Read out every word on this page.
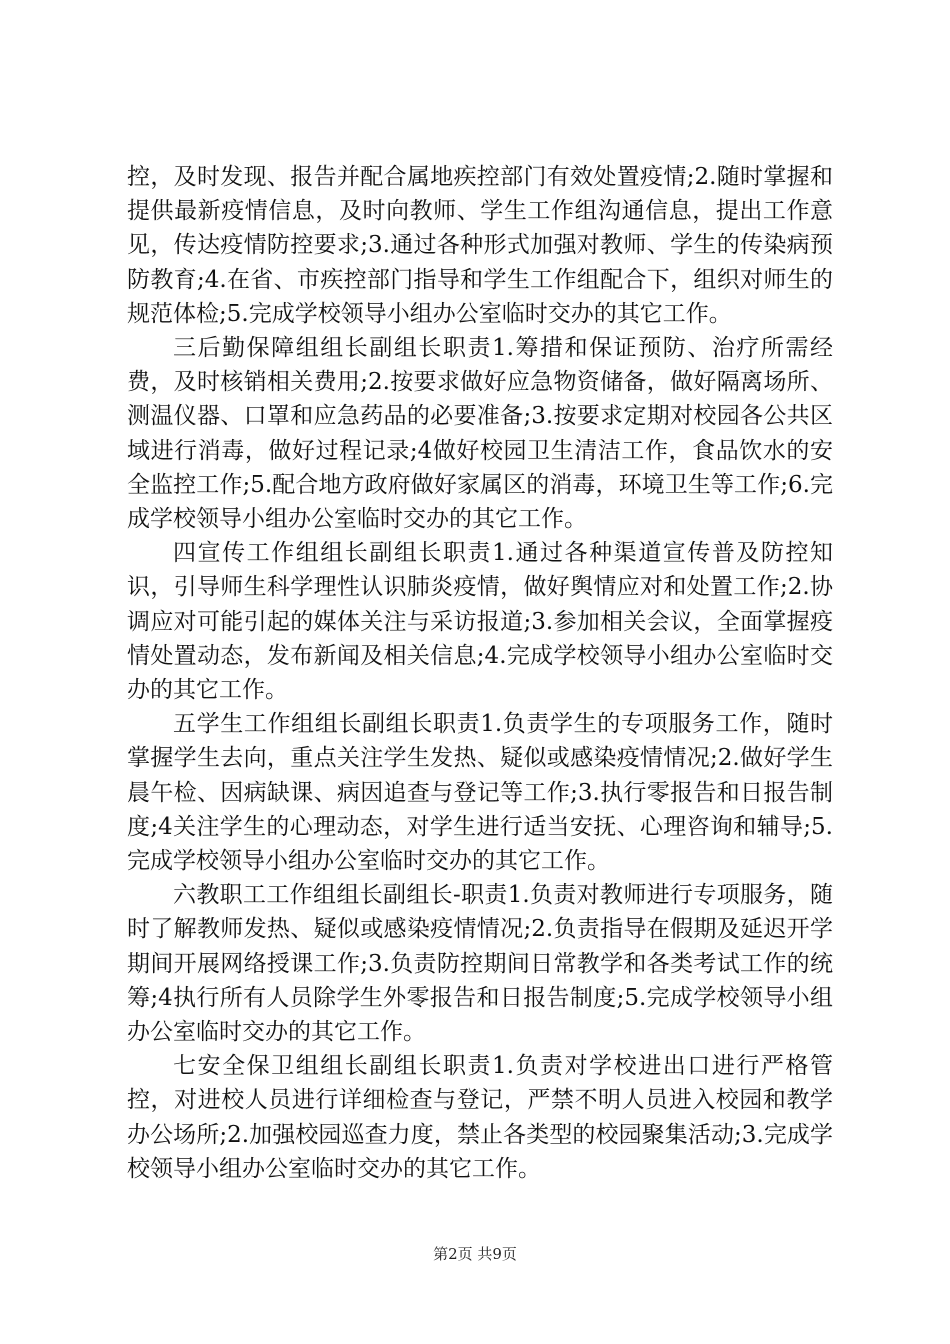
控，及时发现、报告并配合属地疾控部门有效处置疫情;2.随时掌握和提供最新疫情信息，及时向教师、学生工作组沟通信息，提出工作意见，传达疫情防控要求;3.通过各种形式加强对教师、学生的传染病预防教育;4.在省、市疾控部门指导和学生工作组配合下，组织对师生的规范体检;5.完成学校领导小组办公室临时交办的其它工作。

三后勤保障组组长副组长职责1.筹措和保证预防、治疗所需经费，及时核销相关费用;2.按要求做好应急物资储备，做好隔离场所、测温仪器、口罩和应急药品的必要准备;3.按要求定期对校园各公共区域进行消毒，做好过程记录;4做好校园卫生清洁工作，食品饮水的安全监控工作;5.配合地方政府做好家属区的消毒，环境卫生等工作;6.完成学校领导小组办公室临时交办的其它工作。

四宣传工作组组长副组长职责1.通过各种渠道宣传普及防控知识，引导师生科学理性认识肺炎疫情，做好舆情应对和处置工作;2.协调应对可能引起的媒体关注与采访报道;3.参加相关会议，全面掌握疫情处置动态，发布新闻及相关信息;4.完成学校领导小组办公室临时交办的其它工作。

五学生工作组组长副组长职责1.负责学生的专项服务工作，随时掌握学生去向，重点关注学生发热、疑似或感染疫情情况;2.做好学生晨午检、因病缺课、病因追查与登记等工作;3.执行零报告和日报告制度;4关注学生的心理动态，对学生进行适当安抚、心理咨询和辅导;5.完成学校领导小组办公室临时交办的其它工作。

六教职工工作组组长副组长-职责1.负责对教师进行专项服务，随时了解教师发热、疑似或感染疫情情况;2.负责指导在假期及延迟开学期间开展网络授课工作;3.负责防控期间日常教学和各类考试工作的统筹;4执行所有人员除学生外零报告和日报告制度;5.完成学校领导小组办公室临时交办的其它工作。

七安全保卫组组长副组长职责1.负责对学校进出口进行严格管控，对进校人员进行详细检查与登记，严禁不明人员进入校园和教学办公场所;2.加强校园巡查力度，禁止各类型的校园聚集活动;3.完成学校领导小组办公室临时交办的其它工作。

第2页 共9页
